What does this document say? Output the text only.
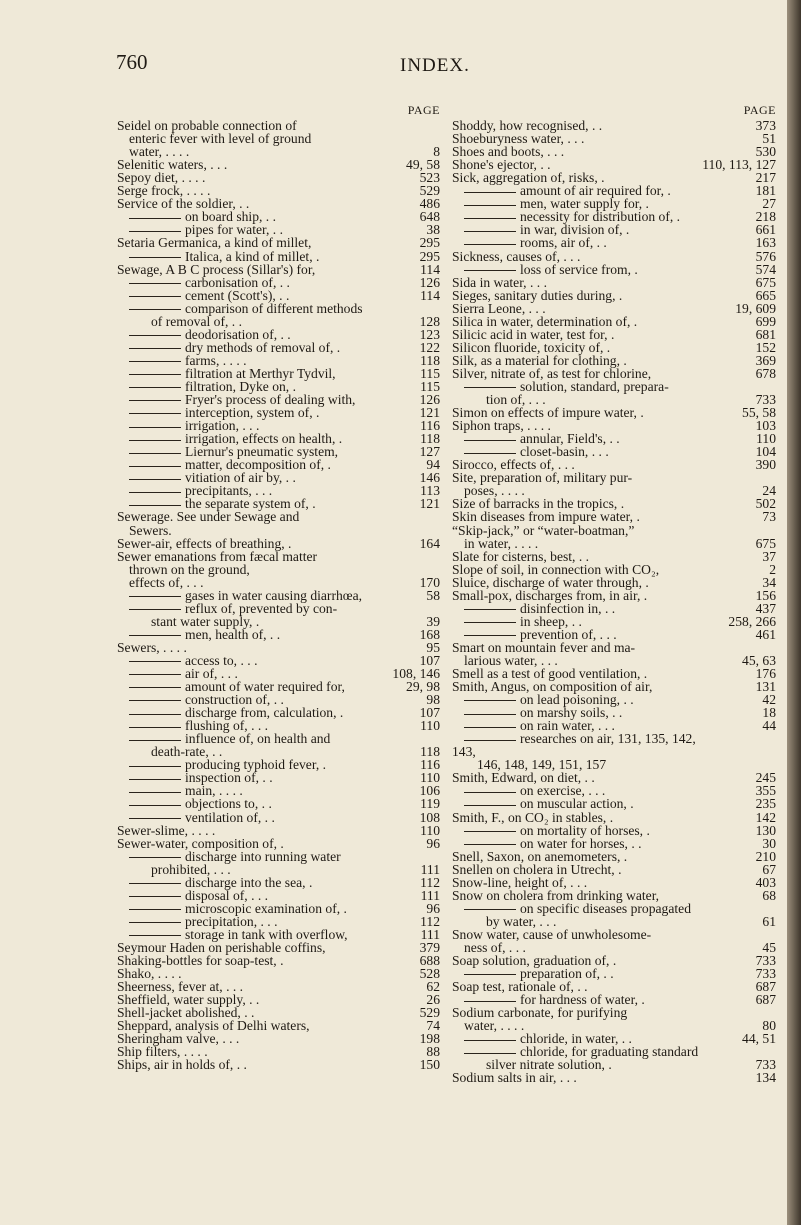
760	INDEX.
PAGE
Seidel on probable connection of
enteric fever with level of ground
water, . . . .	8
Selenitic waters, . . .	49, 58
Sepoy diet, . . . .	523
Serge frock, . . . .	529
Service of the soldier, . .	486
on board ship, . .	648
pipes for water, . .	38
Setaria Germanica, a kind of millet,	295
Italica, a kind of millet, .	295
Sewage, A B C process (Sillar's) for,	114
carbonisation of, . .	126
cement (Scott's), . .	114
comparison of different methods
of removal of, . .	128
deodorisation of, . .	123
dry methods of removal of, .	122
farms, . . . .	118
filtration at Merthyr Tydvil,	115
filtration, Dyke on, .	115
Fryer's process of dealing with,	126
interception, system of, .	121
irrigation, . . .	116
irrigation, effects on health, .	118
Liernur's pneumatic system,	127
matter, decomposition of, .	94
vitiation of air by, . .	146
precipitants, . . .	113
the separate system of, .	121
Sewerage. See under Sewage and
Sewers.
Sewer-air, effects of breathing, .	164
Sewer emanations from fæcal matter
thrown on the ground,
effects of, . . .	170
gases in water causing diarrhœa,	58
reflux of, prevented by con-
stant water supply, .	39
men, health of, . .	168
Sewers, . . . .	95
access to, . . .	107
air of, . . .	108, 146
amount of water required for,	29, 98
construction of, . .	98
discharge from, calculation, .	107
flushing of, . . .	110
influence of, on health and
death-rate, . .	118
producing typhoid fever, .	116
inspection of, . .	110
main, . . . .	106
objections to, . .	119
ventilation of, . .	108
Sewer-slime, . . . .	110
Sewer-water, composition of, .	96
discharge into running water
prohibited, . . .	111
discharge into the sea, .	112
disposal of, . . .	111
microscopic examination of, .	96
precipitation, . . .	112
storage in tank with overflow,	111
Seymour Haden on perishable coffins,	379
Shaking-bottles for soap-test, .	688
Shako, . . . .	528
Sheerness, fever at, . . .	62
Sheffield, water supply, . .	26
Shell-jacket abolished, . .	529
Sheppard, analysis of Delhi waters,	74
Sheringham valve, . . .	198
Ship filters, . . . .	88
Ships, air in holds of, . .	150
PAGE
Shoddy, how recognised, . .	373
Shoeburyness water, . . .	51
Shoes and boots, . . .	530
Shone's ejector, . .	110, 113, 127
Sick, aggregation of, risks, .	217
amount of air required for, .	181
men, water supply for, .	27
necessity for distribution of, .	218
in war, division of, .	661
rooms, air of, . .	163
Sickness, causes of, . . .	576
loss of service from, .	574
Sida in water, . . .	675
Sieges, sanitary duties during, .	665
Sierra Leone, . . .	19, 609
Silica in water, determination of, .	699
Silicic acid in water, test for, .	681
Silicon fluoride, toxicity of, .	152
Silk, as a material for clothing, .	369
Silver, nitrate of, as test for chlorine,	678
solution, standard, prepara-
tion of, . . .	733
Simon on effects of impure water, .	55, 58
Siphon traps, . . . .	103
annular, Field's, . .	110
closet-basin, . . .	104
Sirocco, effects of, . . .	390
Site, preparation of, military pur-
poses, . . . .	24
Size of barracks in the tropics, .	502
Skin diseases from impure water, .	73
“Skip-jack,” or “water-boatman,”
in water, . . . .	675
Slate for cisterns, best, . .	37
Slope of soil, in connection with CO₂,	2
Sluice, discharge of water through, .	34
Small-pox, discharges from, in air, .	156
disinfection in, . .	437
in sheep, . .	258, 266
prevention of, . . .	461
Smart on mountain fever and ma-
larious water, . . .	45, 63
Smell as a test of good ventilation, .	176
Smith, Angus, on composition of air,	131
on lead poisoning, . .	42
on marshy soils, . .	18
on rain water, . . .	44
researches on air, 131, 135, 142, 143,
146, 148, 149, 151, 157
Smith, Edward, on diet, . .	245
on exercise, . . .	355
on muscular action, .	235
Smith, F., on CO₂ in stables, .	142
on mortality of horses, .	130
on water for horses, . .	30
Snell, Saxon, on anemometers, .	210
Snellen on cholera in Utrecht, .	67
Snow-line, height of, . . .	403
Snow on cholera from drinking water,	68
on specific diseases propagated
by water, . . .	61
Snow water, cause of unwholesome-
ness of, . . .	45
Soap solution, graduation of, .	733
preparation of, . .	733
Soap test, rationale of, . .	687
for hardness of water, .	687
Sodium carbonate, for purifying
water, . . . .	80
chloride, in water, . .	44, 51
chloride, for graduating standard
silver nitrate solution, .	733
Sodium salts in air, . . .	134
